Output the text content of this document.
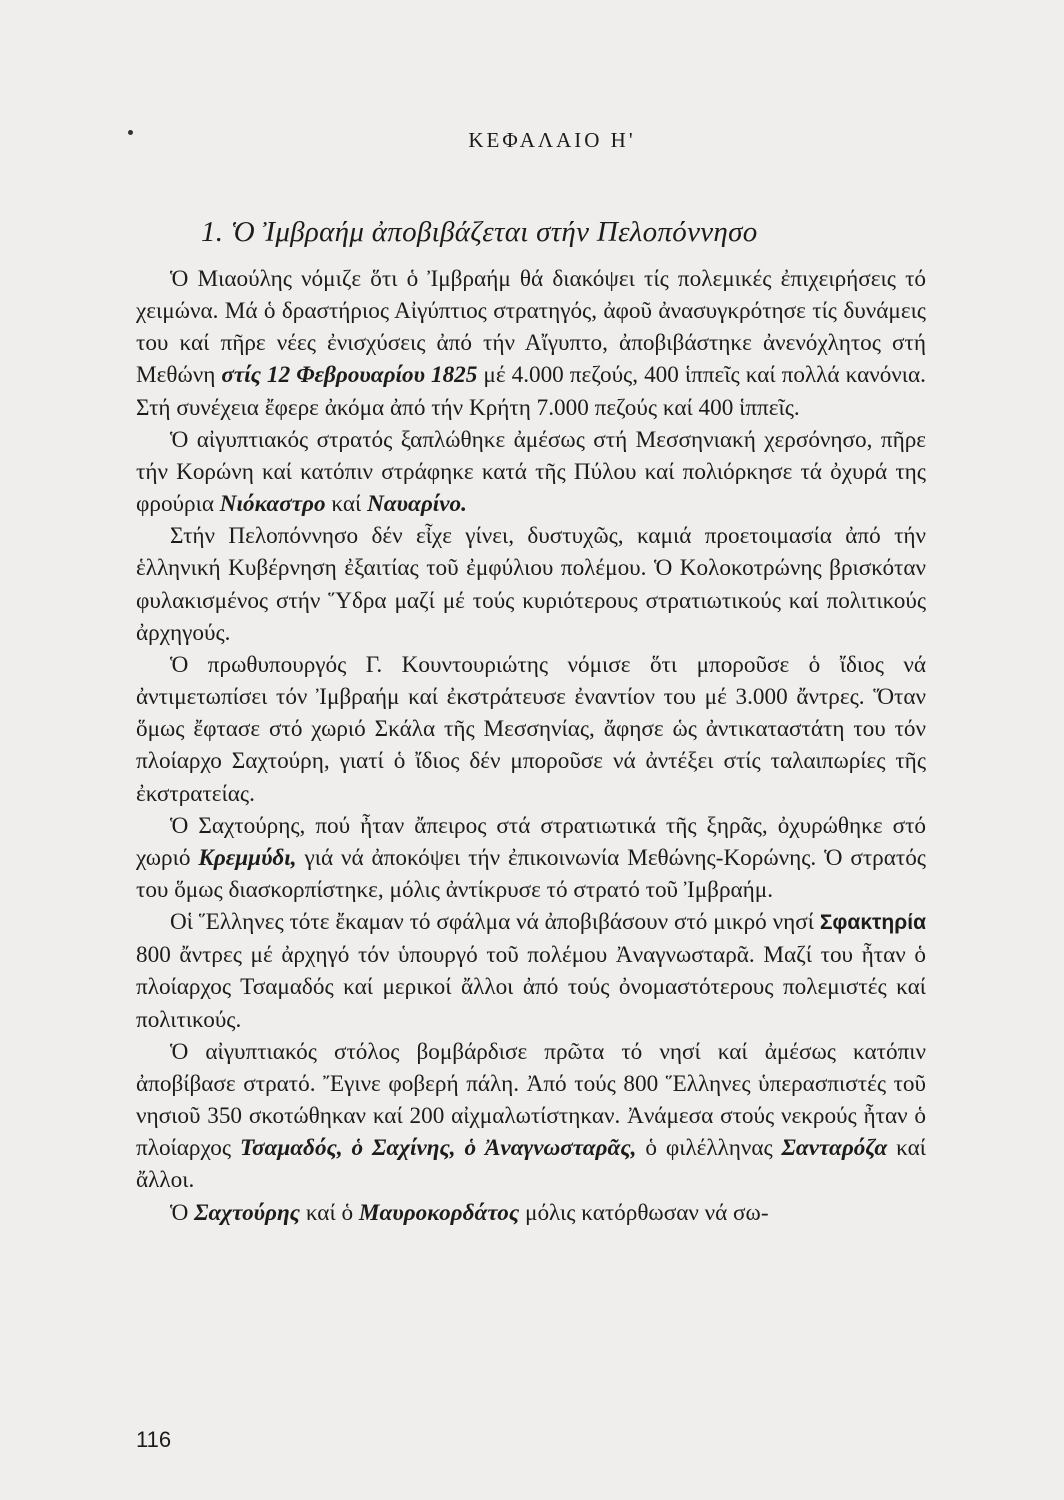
ΚΕΦΑΛΑΙΟ Η'
1. Ὁ Ἰμβραήμ ἀποβιβάζεται στήν Πελοπόννησο

Ὁ Μιαούλης νόμιζε ὅτι ὁ Ἰμβραήμ θά διακόψει τίς πολεμικές ἐπιχειρήσεις τό χειμώνα. Μά ὁ δραστήριος Αἰγύπτιος στρατηγός, ἀφοῦ ἀνασυγκρότησε τίς δυνάμεις του καί πῆρε νέες ἐνισχύσεις ἀπό τήν Αἴγυπτο, ἀποβιβάστηκε ἀνενόχλητος στή Μεθώνη στίς 12 Φεβρουαρίου 1825 μέ 4.000 πεζούς, 400 ἱππεῖς καί πολλά κανόνια. Στή συνέχεια ἔφερε ἀκόμα ἀπό τήν Κρήτη 7.000 πεζούς καί 400 ἱππεῖς.

Ὁ αἰγυπτιακός στρατός ξαπλώθηκε ἀμέσως στή Μεσσηνιακή χερσόνησο, πῆρε τήν Κορώνη καί κατόπιν στράφηκε κατά τῆς Πύλου καί πολιόρκησε τά ὀχυρά της φρούρια Νιόκαστρο καί Ναυαρίνο.

Στήν Πελοπόννησο δέν εἶχε γίνει, δυστυχῶς, καμιά προετοιμασία ἀπό τήν ἑλληνική Κυβέρνηση ἐξαιτίας τοῦ ἐμφύλιου πολέμου. Ὁ Κολοκοτρώνης βρισκόταν φυλακισμένος στήν Ὕδρα μαζί μέ τούς κυριότερους στρατιωτικούς καί πολιτικούς ἀρχηγούς.

Ὁ πρωθυπουργός Γ. Κουντουριώτης νόμισε ὅτι μποροῦσε ὁ ἴδιος νά ἀντιμετωπίσει τόν Ἰμβραήμ καί ἐκστράτευσε ἐναντίον του μέ 3.000 ἄντρες. Ὅταν ὅμως ἔφτασε στό χωριό Σκάλα τῆς Μεσσηνίας, ἄφησε ὡς ἀντικαταστάτη του τόν πλοίαρχο Σαχτούρη, γιατί ὁ ἴδιος δέν μποροῦσε νά ἀντέξει στίς ταλαιπωρίες τῆς ἐκστρατείας.

Ὁ Σαχτούρης, πού ἦταν ἄπειρος στά στρατιωτικά τῆς ξηρᾶς, ὀχυρώθηκε στό χωριό Κρεμμύδι, γιά νά ἀποκόψει τήν ἐπικοινωνία Μεθώνης-Κορώνης. Ὁ στρατός του ὅμως διασκορπίστηκε, μόλις ἀντίκρυσε τό στρατό τοῦ Ἰμβραήμ.

Οἱ Ἕλληνες τότε ἔκαμαν τό σφάλμα νά ἀποβιβάσουν στό μικρό νησί Σφακτηρία 800 ἄντρες μέ ἀρχηγό τόν ὑπουργό τοῦ πολέμου Ἀναγνωσταρᾶ. Μαζί του ἦταν ὁ πλοίαρχος Τσαμαδός καί μερικοί ἄλλοι ἀπό τούς ὀνομαστότερους πολεμιστές καί πολιτικούς.

Ὁ αἰγυπτιακός στόλος βομβάρδισε πρῶτα τό νησί καί ἀμέσως κατόπιν ἀποβίβασε στρατό. Ἔγινε φοβερή πάλη. Ἀπό τούς 800 Ἕλληνες ὑπερασπιστές τοῦ νησιοῦ 350 σκοτώθηκαν καί 200 αἰχμαλωτίστηκαν. Ἀνάμεσα στούς νεκρούς ἦταν ὁ πλοίαρχος Τσαμαδός, ὁ Σαχίνης, ὁ Ἀναγνωσταρᾶς, ὁ φιλέλληνας Σανταρόζα καί ἄλλοι.

Ὁ Σαχτούρης καί ὁ Μαυροκορδάτος μόλις κατόρθωσαν νά σω-

116
